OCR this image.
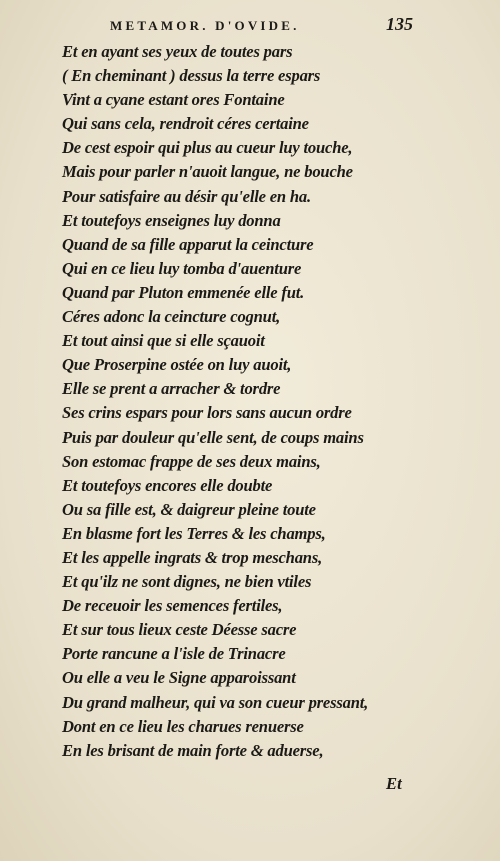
METAMOR. D'OVIDE.	135
Et en ayant ses yeux de toutes pars
( En cheminant ) dessus la terre espars
Vint a cyane estant ores Fontaine
Qui sans cela, rendroit céres certaine
De cest espoir qui plus au cueur luy touche,
Mais pour parler n'auoit langue, ne bouche
Pour satisfaire au désir qu'elle en ha.
Et toutefoys enseignes luy donna
Quand de sa fille apparut la ceincture
Qui en ce lieu luy tomba d'auenture
Quand par Pluton emmenée elle fut.
Céres adonc la ceincture cognut,
Et tout ainsi que si elle sçauoit
Que Proserpine ostée on luy auoit,
Elle se prent a arracher & tordre
Ses crins espars pour lors sans aucun ordre
Puis par douleur qu'elle sent, de coups mains
Son estomac frappe de ses deux mains,
Et toutefoys encores elle doubte
Ou sa fille est, & daigreur pleine toute
En blasme fort les Terres & les champs,
Et les appelle ingrats & trop meschans,
Et qu'ilz ne sont dignes, ne bien vtiles
De receuoir les semences fertiles,
Et sur tous lieux ceste Déesse sacre
Porte rancune a l'isle de Trinacre
Ou elle a veu le Signe apparoissant
Du grand malheur, qui va son cueur pressant,
Dont en ce lieu les charues renuerse
En les brisant de main forte & aduerse,
Et
